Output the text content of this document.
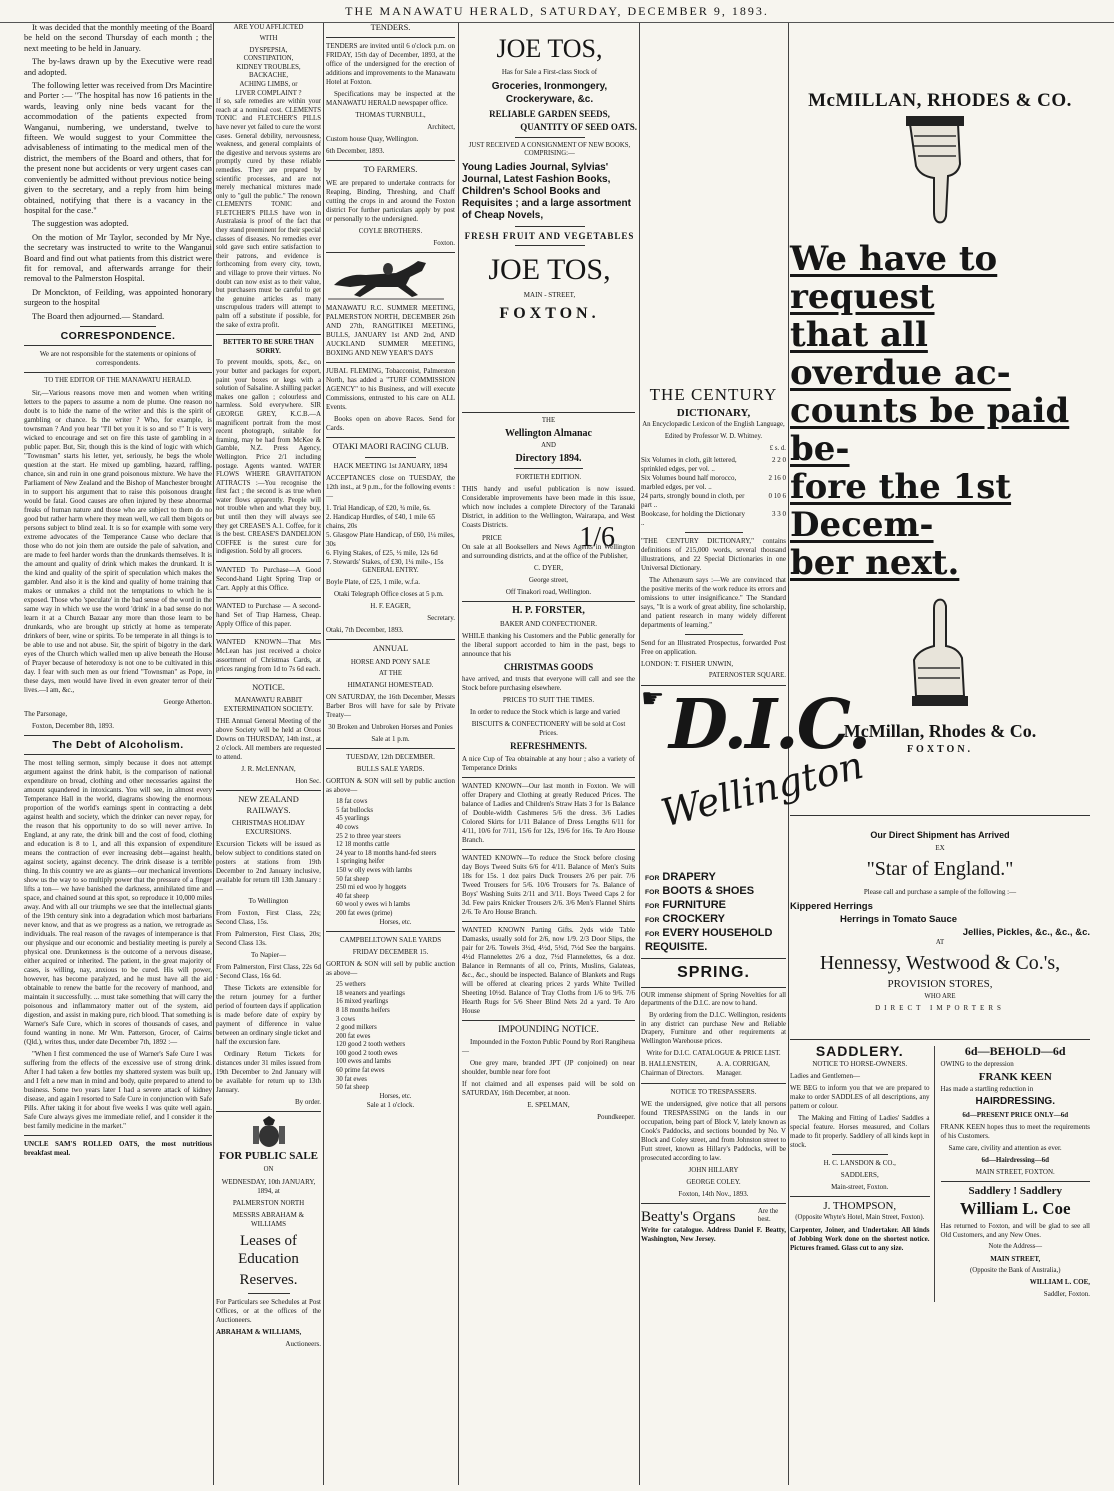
THE MANAWATU HERALD, SATURDAY, DECEMBER 9, 1893.

It was decided that the monthly meeting of the Board be held on the second Thursday of each month ; the next meeting to be held in January.

The by-laws drawn up by the Executive were read and adopted.

The following letter was received from Drs Macintire and Porter :— "The hospital has now 16 patients in the wards, leaving only nine beds vacant for the accommodation of the patients expected from Wanganui, numbering, we understand, twelve to fifteen. We would suggest to your Committee the advisableness of intimating to the medical men of the district, the members of the Board and others, that for the present none but accidents or very urgent cases can conveniently be admitted without previous notice being given to the secretary, and a reply from him being obtained, notifying that there is a vacancy in the hospital for the case."

The suggestion was adopted.

On the motion of Mr Taylor, seconded by Mr Nye, the secretary was instructed to write to the Wanganui Board and find out what patients from this district were fit for removal, and afterwards arrange for their removal to the Palmerston Hospital.

Dr Monckton, of Feilding, was appointed honorary surgeon to the hospital

The Board then adjourned.— Standard.

CORRESPONDENCE.

We are not responsible for the statements or opinions of correspondents.

TO THE EDITOR OF THE MANAWATU HERALD.

Sir,—Various reasons move men and women when writing letters to the papers to assume a nom de plume. One reason no doubt is to hide the name of the writer and this is the spirit of gambling or chance. Is the writer ? Who, for example, is townsman ? And you hear "I'll bet you it is so and so !" It is very wicked to encourage and set on fire this taste of gambling in a public paper. But, Sir, though this is the kind of logic with which "Townsman" starts his letter, yet, seriously, he begs the whole question at the start. He mixed up gambling, hazard, raffling, chance, sin and ruin in one grand poisonous mixture. We have the Parliament of New Zealand and the Bishop of Manchester brought in to support his argument that to raise this poisonous draught would be fatal. Good causes are often injured by these abnormal freaks of human nature and those who are subject to them do no good but rather harm where they mean well, we call them bigots or persons subject to blind zeal. It is so for example with some very extreme advocates of the Temperance Cause who declare that those who do not join them are outside the pale of salvation, and are made to feel harder words than the drunkards themselves. It is the amount and quality of drink which makes the drunkard. It is the kind and quality of the spirit of speculation which makes the gambler. And also it is the kind and quality of home training that makes or unmakes a child not the temptations to which he is exposed. Those who 'speculate' in the bad sense of the word in the same way in which we use the word 'drink' in a bad sense do not learn it at a Church Bazaar any more than those learn to be drunkards, who are brought up strictly at home as temperate drinkers of beer, wine or spirits. To be temperate in all things is to be able to use and not abuse. Sir, the spirit of bigotry in the dark eyes of the Church which walled men up alive beneath the House of Prayer because of heterodoxy is not one to be cultivated in this day. I fear with such men as our friend "Townsman" as Pope, in these days, men would have lived in even greater terror of their lives.—I am, &c.,

George Atherton.

The Parsonage,

Foxton, December 8th, 1893.

The Debt of Alcoholism.

The most telling sermon, simply because it does not attempt argument against the drink habit, is the comparison of national expenditure on bread, clothing and other necessaries against the amount squandered in intoxicants. You will see, in almost every Temperance Hall in the world, diagrams showing the enormous proportion of the world's earnings spent in contracting a debt against health and society, which the drinker can never repay, for the reason that his opportunity to do so will never arrive. In England, at any rate, the drink bill and the cost of food, clothing and education is 8 to 1, and all this expansion of expenditure means the contraction of ever increasing debt—against health, against society, against decency. The drink disease is a terrible thing. In this country we are as giants—our mechanical inventions show us the way to so multiply power that the pressure of a finger lifts a ton— we have banished the darkness, annihilated time and space, and chained sound at this spot, so reproduce it 10,000 miles away. And with all our triumphs we see that the intellectual giants of the 19th century sink into a degradation which most barbarians never know, and that as we progress as a nation, we retrograde as individuals. The real reason of the ravages of intemperance is that our physique and our economic and bestiality meeting is purely a physical one. Drunkenness is the outcome of a nervous disease, either acquired or inherited. The patient, in the great majority of cases, is willing, nay, anxious to be cured. His will power, however, has become paralyzed, and he must have all the aid obtainable to renew the battle for the recovery of manhood, and maintain it successfully. ... must take something that will carry the poisonous and inflammatory matter out of the system, aid digestion, and assist in making pure, rich blood. That something is Warner's Safe Cure, which in scores of thousands of cases, and found wanting in none. Mr Wm. Patterson, Grocer, of Cairns (Qld.), writes thus, under date December 7th, 1892 :—

"When I first commenced the use of Warner's Safe Cure I was suffering from the effects of the excessive use of strong drink. After I had taken a few bottles my shattered system was built up, and I felt a new man in mind and body, quite prepared to attend to business. Some two years later I had a severe attack of kidney disease, and again I resorted to Safe Cure in conjunction with Safe Pills. After taking it for about five weeks I was quite well again. Safe Cure always gives me immediate relief, and I consider it the best family medicine in the market."

UNCLE SAM'S ROLLED OATS, the most nutritious breakfast meal.

ARE YOU AFFLICTED

WITH

DYSPEPSIA,
CONSTIPATION,
KIDNEY TROUBLES,
BACKACHE,
ACHING LIMBS, or
LIVER COMPLAINT ?

If so, safe remedies are within your reach at a nominal cost. CLEMENTS TONIC and FLETCHER'S PILLS have never yet failed to cure the worst cases. General debility, nervousness, weakness, and general complaints of the digestive and nervous systems are promptly cured by these reliable remedies. They are prepared by scientific processes, and are not merely mechanical mixtures made only to "gull the public." The renown CLEMENTS TONIC and FLETCHER'S PILLS have won in Australasia is proof of the fact that they stand preeminent for their special classes of diseases. No remedies ever sold gave such entire satisfaction to their patrons, and evidence is forthcoming from every city, town, and village to prove their virtues. No doubt can now exist as to their value, but purchasers must be careful to get the genuine articles as many unscrupulous traders will attempt to palm off a substitute if possible, for the sake of extra profit.

BETTER TO BE SURE THAN SORRY.

To prevent moulds, spots, &c., on your butter and packages for export, paint your boxes or kegs with a solution of Salsaline. A shilling packet makes one gallon ; colourless and harmless. Sold everywhere. SIR GEORGE GREY, K.C.B.—A magnificent portrait from the most recent photograph, suitable for framing, may be had from McKee & Gamble, N.Z. Press Agency, Wellington. Price 2/1 including postage. Agents wanted. WATER FLOWS WHERE GRAVITATION ATTRACTS :—You recognise the first fact ; the second is as true when water flows apparently. People will not trouble when and what they buy, but until then they will always see they get CREASE'S A.1. Coffee, for it is the best. CREASE'S DANDELION COFFEE is the surest cure for indigestion. Sold by all grocers.

WANTED To Purchase—A Good Second-hand Light Spring Trap or Cart. Apply at this Office.

WANTED to Purchase — A second-hand Set of Trap Harness, Cheap. Apply Office of this paper.

WANTED KNOWN—That Mrs McLean has just received a choice assortment of Christmas Cards, at prices ranging from 1d to 7s 6d each.

NOTICE.

MANAWATU RABBIT EXTERMINATION SOCIETY.

THE Annual General Meeting of the above Society will be held at Orous Downs on THURSDAY, 14th inst., at 2 o'clock. All members are requested to attend.

J. R. McLENNAN,

Hon Sec.

NEW ZEALAND RAILWAYS.

CHRISTMAS HOLIDAY EXCURSIONS.

Excursion Tickets will be issued as below subject to conditions stated on posters at stations from 19th December to 2nd January inclusive, available for return till 13th January :—

To Wellington

From Foxton, First Class, 22s; Second Class, 15s.

From Palmerston, First Class, 20s; Second Class 13s.

To Napier—

From Palmerston, First Class, 22s 6d ; Second Class, 16s 6d.

These Tickets are extensible for the return journey for a further period of fourteen days if application is made before date of expiry by payment of difference in value between an ordinary single ticket and half the excursion fare.

Ordinary Return Tickets for distances under 31 miles issued from 19th December to 2nd January will be available for return up to 13th January.

By order.

FOR PUBLIC SALE

ON

WEDNESDAY, 10th JANUARY, 1894, at

PALMERSTON NORTH

MESSRS ABRAHAM & WILLIAMS

Leases of Education

Reserves.

For Particulars see Schedules at Post Offices, or at the offices of the Auctioneers.

ABRAHAM & WILLIAMS,

Auctioneers.

TENDERS.

TENDERS are invited until 6 o'clock p.m. on FRIDAY, 15th day of December, 1893, at the office of the undersigned for the erection of additions and improvements to the Manawatu Hotel at Foxton.

Specifications may be inspected at the MANAWATU HERALD newspaper office.

THOMAS TURNBULL,

Architect,

Custom house Quay, Wellington.

6th December, 1893.

TO FARMERS.

WE are prepared to undertake contracts for Reaping, Binding, Threshing, and Chaff cutting the crops in and around the Foxton district For further particulars apply by post or personally to the undersigned.

COYLE BROTHERS.

Foxton.

MANAWATU R.C. SUMMER MEETING, PALMERSTON NORTH, DECEMBER 26th AND 27th, RANGITIKEI MEETING, BULLS, JANUARY 1st AND 2nd, AND AUCKLAND SUMMER MEETING, BOXING AND NEW YEAR'S DAYS

JUBAL FLEMING, Tobacconist, Palmerston North, has added a "TURF COMMISSION AGENCY" to his Business, and will execute Commissions, entrusted to his care on ALL Events.

Books open on above Races. Send for Cards.

OTAKI MAORI RACING CLUB.

HACK MEETING 1st JANUARY, 1894

ACCEPTANCES close on TUESDAY, the 12th inst., at 9 p.m., for the following events :—

1. Trial Handicap, of £20, ¾ mile, 6s.
2. Handicap Hurdles, of £40, 1 mile 65 chains, 20s
5. Glasgow Plate Handicap, of £60, 1¼ miles, 30s
6. Flying Stakes, of £25, ½ mile, 12s 6d
7. Stewards' Stakes, of £30, 1¼ mile-, 15s

GENERAL ENTRY.

Boyle Plate, of £25, 1 mile, w.f.a.

Otaki Telegraph Office closes at 5 p.m.

H. F. EAGER,

Secretary.

Otaki, 7th December, 1893.

ANNUAL

HORSE AND PONY SALE

AT THE

HIMATANGI HOMESTEAD.

ON SATURDAY, the 16th December, Messrs Barber Bros will have for sale by Private Treaty—

30 Broken and Unbroken Horses and Ponies

Sale at 1 p.m.

TUESDAY, 12th DECEMBER.

BULLS SALE YARDS.

GORTON & SON will sell by public auction as above—

18 fat cows
5 fat bullocks
45 yearlings
40 cows
25 2 to three year steers
12 18 months cattle
24 year to 18 months hand-fed steers
1 springing heifer
150 w olly ewes with lambs
50 fat sheep
250 mi ed woo ly hoggets
40 fat sheep
60 wool y ewes wi h lambs
200 fat ewes (prime)
Horses, etc.

CAMPBELLTOWN SALE YARDS

FRIDAY DECEMBER 15.

GORTON & SON will sell by public auction as above—

25 wethers
18 weaners and yearlings
16 mixed yearlings
8 18 months heifers
3 cows
2 good milkers
200 fat ewes
120 good 2 tooth wethers
100 good 2 tooth ewes
100 ewes and lambs
60 prime fat ewes
30 fat ewes
50 fat sheep
Horses, etc.

Sale at 1 o'clock.

JOE TOS,

Has for Sale a First-class Stock of

Groceries, Ironmongery, Crockeryware, &c.

RELIABLE GARDEN SEEDS,

QUANTITY OF SEED OATS.

JUST RECEIVED A CONSIGNMENT OF NEW BOOKS, COMPRISING:—

Young Ladies Journal, Sylvias' Journal, Latest Fashion Books, Children's School Books and Requisites ; and a large assortment of Cheap Novels,

FRESH FRUIT AND VEGETABLES

JOE TOS,

MAIN - STREET,

FOXTON.

THE

Wellington Almanac

AND

Directory 1894.

FORTIETH EDITION.

THIS handy and useful publication is now issued. Considerable improvements have been made in this issue, which now includes a complete Directory of the Taranaki District, in addition to the Wellington, Wairarapa, and West Coasts Districts.

PRICE	1/6

On sale at all Booksellers and News Agents in Wellington and surrounding districts, and at the office of the Publisher,

C. DYER,

George street,

Off Tinakori road, Wellington.

H. P. FORSTER,

BAKER AND CONFECTIONER.

WHILE thanking his Customers and the Public generally for the liberal support accorded to him in the past, begs to announce that his

CHRISTMAS GOODS

have arrived, and trusts that everyone will call and see the Stock before purchasing elsewhere.

PRICES TO SUIT THE TIMES.

In order to reduce the Stock which is large and varied

BISCUITS & CONFECTIONERY will be sold at Cost Prices.

REFRESHMENTS.

A nice Cup of Tea obtainable at any hour ; also a variety of Temperance Drinks

WANTED KNOWN—Our last month in Foxton. We will offer Drapery and Clothing at greatly Reduced Prices. The balance of Ladies and Children's Straw Hats 3 for 1s Balance of Double-width Cashmeres 5/6 the dress. 3/6 Ladies Colored Skirts for 1/11 Balance of Dress Lengths 6/11 for 4/11, 10/6 for 7/11, 15/6 for 12s, 19/6 for 16s. Te Aro House Branch.

WANTED KNOWN—To reduce the Stock before closing day Boys Tweed Suits 6/6 for 4/11. Balance of Men's Suits 18s for 15s. 1 doz pairs Duck Trousers 2/6 per pair. 7/6 Tweed Trousers for 5/6. 10/6 Trousers for 7s. Balance of Boys' Washing Suits 2/11 and 3/11. Boys Tweed Caps 2 for 3d. Few pairs Knicker Trousers 2/6. 3/6 Men's Flannel Shirts 2/6. Te Aro House Branch.

WANTED KNOWN Parting Gifts. 2yds wide Table Damasks, usually sold for 2/6, now 1/9. 2/3 Door Slips, the pair for 2/6. Towels 3½d, 4½d, 5½d, 7½d See the bargains. 4½d Flannelettes 2/6 a doz, 7½d Flannelettes, 6s a doz. Balance in Remnants of all co, Prints, Muslins, Galateas, &c., &c., should be inspected. Balance of Blankets and Rugs will be offered at clearing prices 2 yards White Twilled Sheeting 10½d. Balance of Tray Cloths from 1/6 to 9/6. 7/6 Hearth Rugs for 5/6 Sheer Blind Nets 2d a yard. Te Aro House

IMPOUNDING NOTICE.

Impounded in the Foxton Public Pound by Rori Rangiheua—

One grey mare, branded JPT (JP conjoined) on near shoulder, bumble near fore foot

If not claimed and all expenses paid will be sold on SATURDAY, 16th December, at noon.

E. SPELMAN,

Poundkeeper.

THE CENTURY

DICTIONARY,

An Encyclopædic Lexicon of the English Language,

Edited by Professor W. D. Whitney.

£ s. d.

Six Volumes in cloth, gilt lettered, sprinkled edges, per vol. ..
2 2 0
Six Volumes bound half morocco, marbled edges, per vol. ..
2 16 0
24 parts, strongly bound in cloth, per part ..
0 10 6
Bookcase, for holding the Dictionary ..
3 3 0

"THE CENTURY DICTIONARY," contains definitions of 215,000 words, several thousand illustrations, and 22 Special Dictionaries in one Universal Dictionary.

The Athenæum says :—We are convinced that the positive merits of the work reduce its errors and omissions to utter insignificance." The Standard says, "It is a work of great ability, fine scholarship, and patient research in many widely different departments of learning."

Send for an Illustrated Prospectus, forwarded Post Free on application.

LONDON: T. FISHER UNWIN,

PATERNOSTER SQUARE.

☛ D.I.C.
Wellington
FOR DRAPERY
FOR BOOTS & SHOES
FOR FURNITURE
FOR CROCKERY
FOR EVERY HOUSEHOLD REQUISITE.

SPRING.

OUR immense shipment of Spring Novelties for all departments of the D.I.C. are now to hand.

By ordering from the D.I.C. Wellington, residents in any district can purchase New and Reliable Drapery, Furniture and other requirements at Wellington Warehouse prices.

Write for D.I.C. CATALOGUE & PRICE LIST.

B. HALLENSTEIN, Chairman of Directors.
A. A. CORRIGAN, Manager.

NOTICE TO TRESPASSERS.

WE the undersigned, give notice that all persons found TRESPASSING on the lands in our occupation, being part of Block V, lately known as Cook's Paddocks, and sections bounded by No. V Block and Coley street, and from Johnston street to Futt street, known as Hillary's Paddocks, will be prosecuted according to law.

JOHN HILLARY

GEORGE COLEY.

Foxton, 14th Nov., 1893.

Beatty's Organs	Are the best.

Write for catalogue. Address Daniel F. Beatty, Washington, New Jersey.

McMILLAN, RHODES & CO.

We have to request
that all overdue ac-
counts be paid be-
fore the 1st Decem-
ber next.

McMillan, Rhodes & Co.

FOXTON.

Our Direct Shipment has Arrived

EX

"Star of England."

Please call and purchase a sample of the following :—

Kippered Herrings
Herrings in Tomato Sauce
Jellies, Pickles, &c., &c., &c.

AT

Hennessy, Westwood & Co.'s,

PROVISION STORES,

WHO ARE

DIRECT IMPORTERS

SADDLERY.

NOTICE TO HORSE-OWNERS.

Ladies and Gentlemen—

WE BEG to inform you that we are prepared to make to order SADDLES of all descriptions, any pattern or colour.

The Making and Fitting of Ladies' Saddles a special feature. Horses measured, and Collars made to fit properly. Saddlery of all kinds kept in stock.

H. C. LANSDON & CO.,

SADDLERS,

Main-street, Foxton.

J. THOMPSON,

(Opposite Whyte's Hotel, Main Street, Foxton).

Carpenter, Joiner, and Undertaker. All kinds of Jobbing Work done on the shortest notice. Pictures framed. Glass cut to any size.

6d—BEHOLD—6d

OWING to the depression

FRANK KEEN

Has made a startling reduction in

HAIRDRESSING.

6d—PRESENT PRICE ONLY—6d

FRANK KEEN hopes thus to meet the requirements of his Customers.

Same care, civility and attention as ever.

6d—Hairdressing—6d

MAIN STREET, FOXTON.

Saddlery ! Saddlery

William L. Coe

Has returned to Foxton, and will be glad to see all Old Customers, and any New Ones.

Note the Address—

MAIN STREET,

(Opposite the Bank of Australia,)

WILLIAM L. COE,

Saddler, Foxton.
